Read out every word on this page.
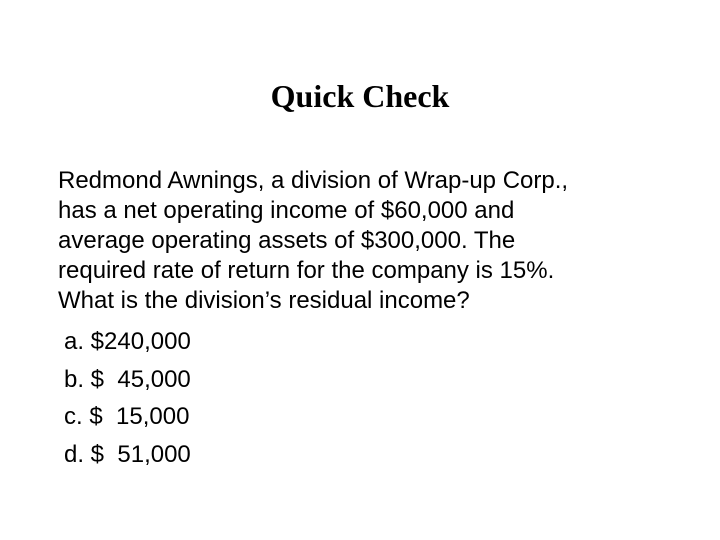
Quick Check
Redmond Awnings, a division of Wrap-up Corp.,
has a net operating income of $60,000 and
average operating assets of $300,000. The
required rate of return for the company is 15%.
What is the division’s residual income?
a. $240,000
b. $  45,000
c. $  15,000
d. $  51,000
